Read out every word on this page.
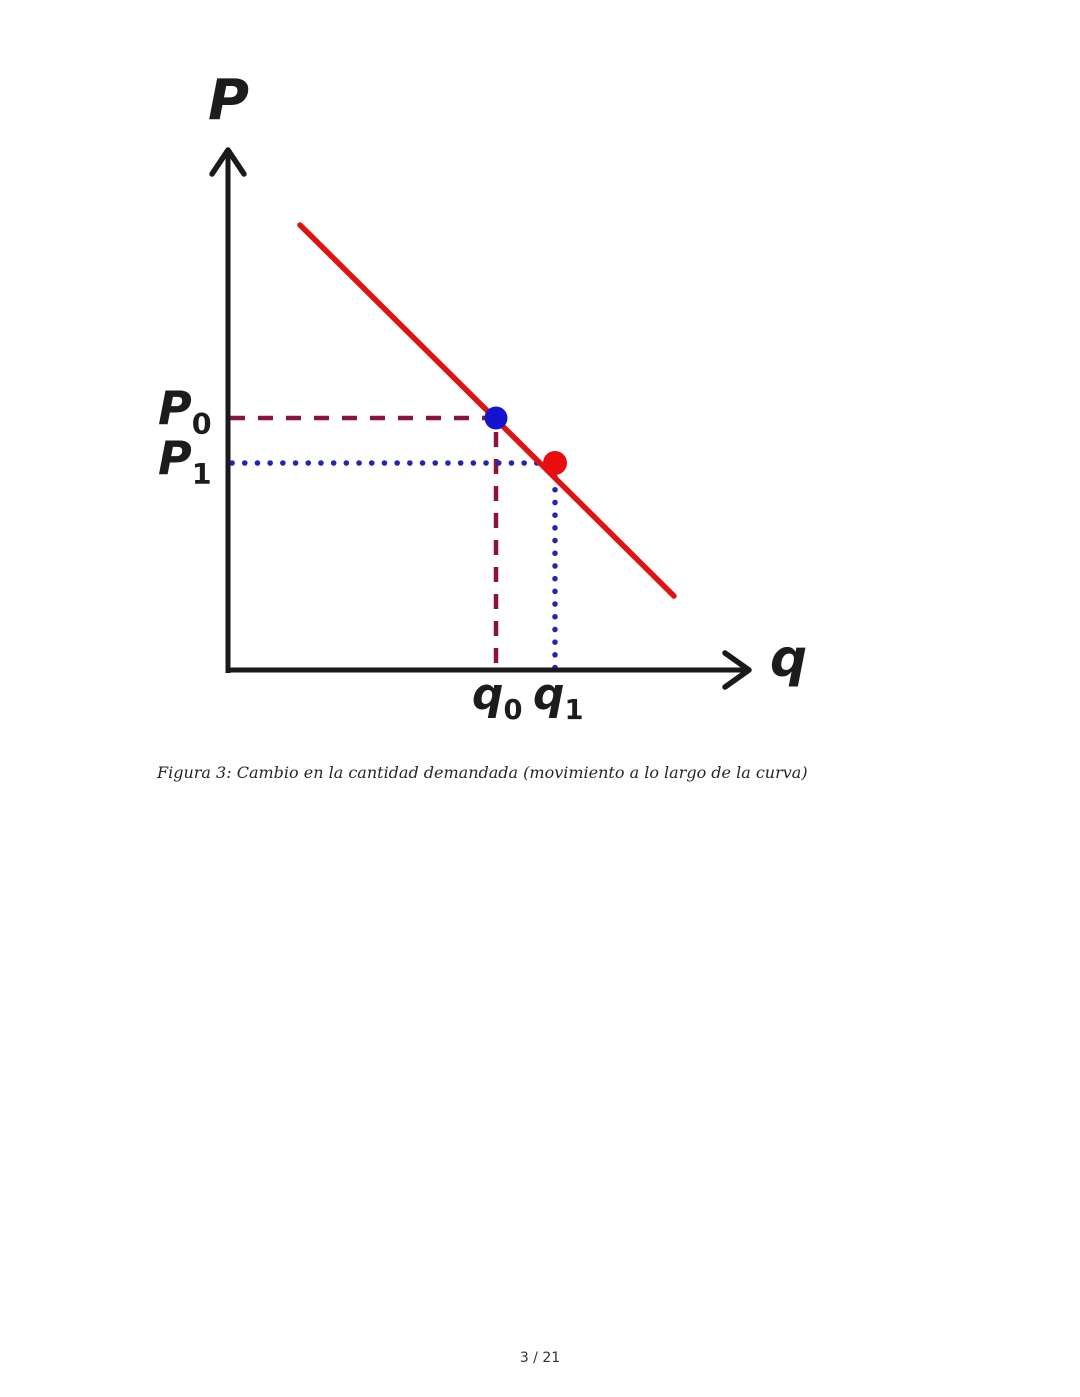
P
q
$P_0$
$P_1$
$q_0$ $q_1$
Figura 3: Cambio en la cantidad demandada (movimiento a lo largo de la curva)
3 / 21
